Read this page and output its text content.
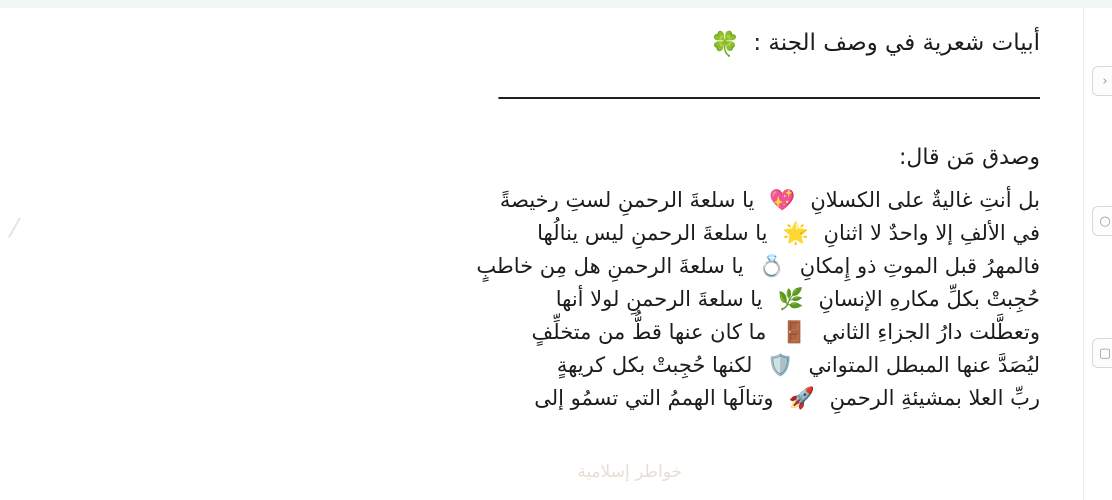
/
أبيات شعرية في وصف الجنة : 🍀
ــــــــــــــــــــــــــــــــــــــــــــــــــــــــــــــــــــــــــــــــــــ
وصدق مَن قال:
بل أنتِ غاليةٌ على الكسلانِ
💖
يا سلعةَ الرحمنِ لستِ رخيصةً
في الألفِ إلا واحدٌ لا اثنانِ
🌟
يا سلعةَ الرحمنِ ليس ينالُها
فالمهرُ قبل الموتِ ذو إِمكانِ
💍
يا سلعةَ الرحمنِ هل مِن خاطبٍ
حُجِبتْ بكلِّ مكارهِ الإنسانِ
🌿
يا سلعةَ الرحمنِ لولا أنها
وتعطَّلت دارُ الجزاءِ الثاني
🚪
ما كان عنها قطُّ من متخلِّفٍ
ليُصَدَّ عنها المبطل المتواني
🛡️
لكنها حُجِبتْ بكل كريهةٍ
ربِّ العلا بمشيئةِ الرحمنِ
🚀
وتنالَها الهممُ التي تسمُو إلى
خواطر إسلامية
‹
○
▢
